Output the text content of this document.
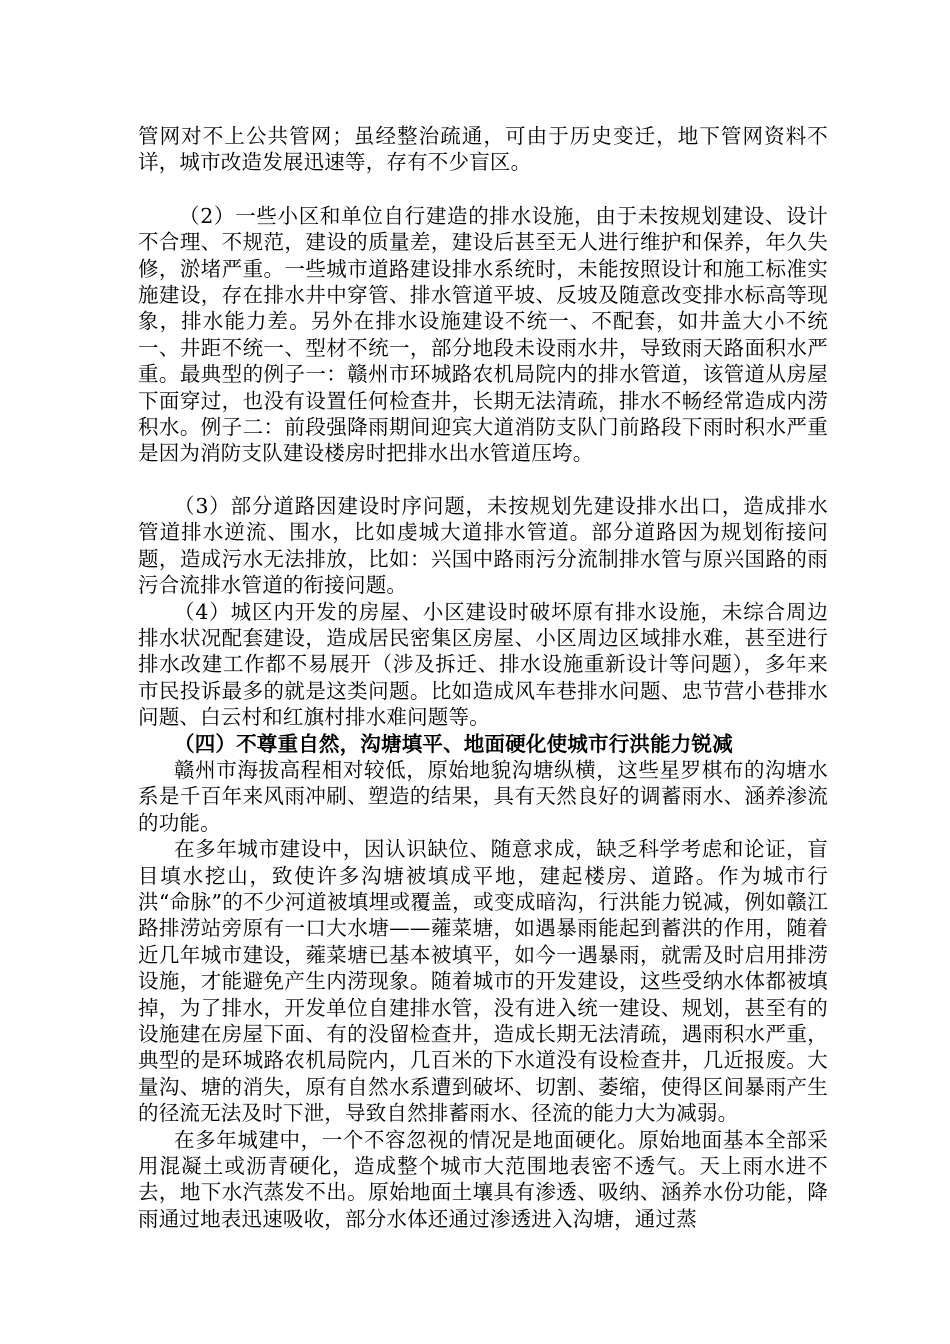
管网对不上公共管网；虽经整治疏通，可由于历史变迁，地下管网资料不详，城市改造发展迅速等，存有不少盲区。

（2）一些小区和单位自行建造的排水设施，由于未按规划建设、设计不合理、不规范，建设的质量差，建设后甚至无人进行维护和保养，年久失修，淤堵严重。一些城市道路建设排水系统时，未能按照设计和施工标准实施建设，存在排水井中穿管、排水管道平坡、反坡及随意改变排水标高等现象，排水能力差。另外在排水设施建设不统一、不配套，如井盖大小不统一、井距不统一、型材不统一，部分地段未设雨水井，导致雨天路面积水严重。最典型的例子一：赣州市环城路农机局院内的排水管道，该管道从房屋下面穿过，也没有设置任何检查井，长期无法清疏，排水不畅经常造成内涝积水。例子二：前段强降雨期间迎宾大道消防支队门前路段下雨时积水严重是因为消防支队建设楼房时把排水出水管道压垮。

（3）部分道路因建设时序问题，未按规划先建设排水出口，造成排水管道排水逆流、围水，比如虔城大道排水管道。部分道路因为规划衔接问题，造成污水无法排放，比如：兴国中路雨污分流制排水管与原兴国路的雨污合流排水管道的衔接问题。

（4）城区内开发的房屋、小区建设时破坏原有排水设施，未综合周边排水状况配套建设，造成居民密集区房屋、小区周边区域排水难，甚至进行排水改建工作都不易展开（涉及拆迁、排水设施重新设计等问题），多年来市民投诉最多的就是这类问题。比如造成风车巷排水问题、忠节营小巷排水问题、白云村和红旗村排水难问题等。

（四）不尊重自然，沟塘填平、地面硬化使城市行洪能力锐减

赣州市海拔高程相对较低，原始地貌沟塘纵横，这些星罗棋布的沟塘水系是千百年来风雨冲刷、塑造的结果，具有天然良好的调蓄雨水、涵养渗流的功能。

在多年城市建设中，因认识缺位、随意求成，缺乏科学考虑和论证，盲目填水挖山，致使许多沟塘被填成平地，建起楼房、道路。作为城市行洪“命脉”的不少河道被填埋或覆盖，或变成暗沟，行洪能力锐减，例如赣江路排涝站旁原有一口大水塘——蕹菜塘，如遇暴雨能起到蓄洪的作用，随着近几年城市建设，蕹菜塘已基本被填平，如今一遇暴雨，就需及时启用排涝设施，才能避免产生内涝现象。随着城市的开发建设，这些受纳水体都被填掉，为了排水，开发单位自建排水管，没有进入统一建设、规划，甚至有的设施建在房屋下面、有的没留检查井，造成长期无法清疏，遇雨积水严重，典型的是环城路农机局院内，几百米的下水道没有设检查井，几近报废。大量沟、塘的消失，原有自然水系遭到破坏、切割、萎缩，使得区间暴雨产生的径流无法及时下泄，导致自然排蓄雨水、径流的能力大为减弱。

在多年城建中，一个不容忽视的情况是地面硬化。原始地面基本全部采用混凝土或沥青硬化，造成整个城市大范围地表密不透气。天上雨水进不去，地下水汽蒸发不出。原始地面土壤具有渗透、吸纳、涵养水份功能，降雨通过地表迅速吸收，部分水体还通过渗透进入沟塘，通过蒸
